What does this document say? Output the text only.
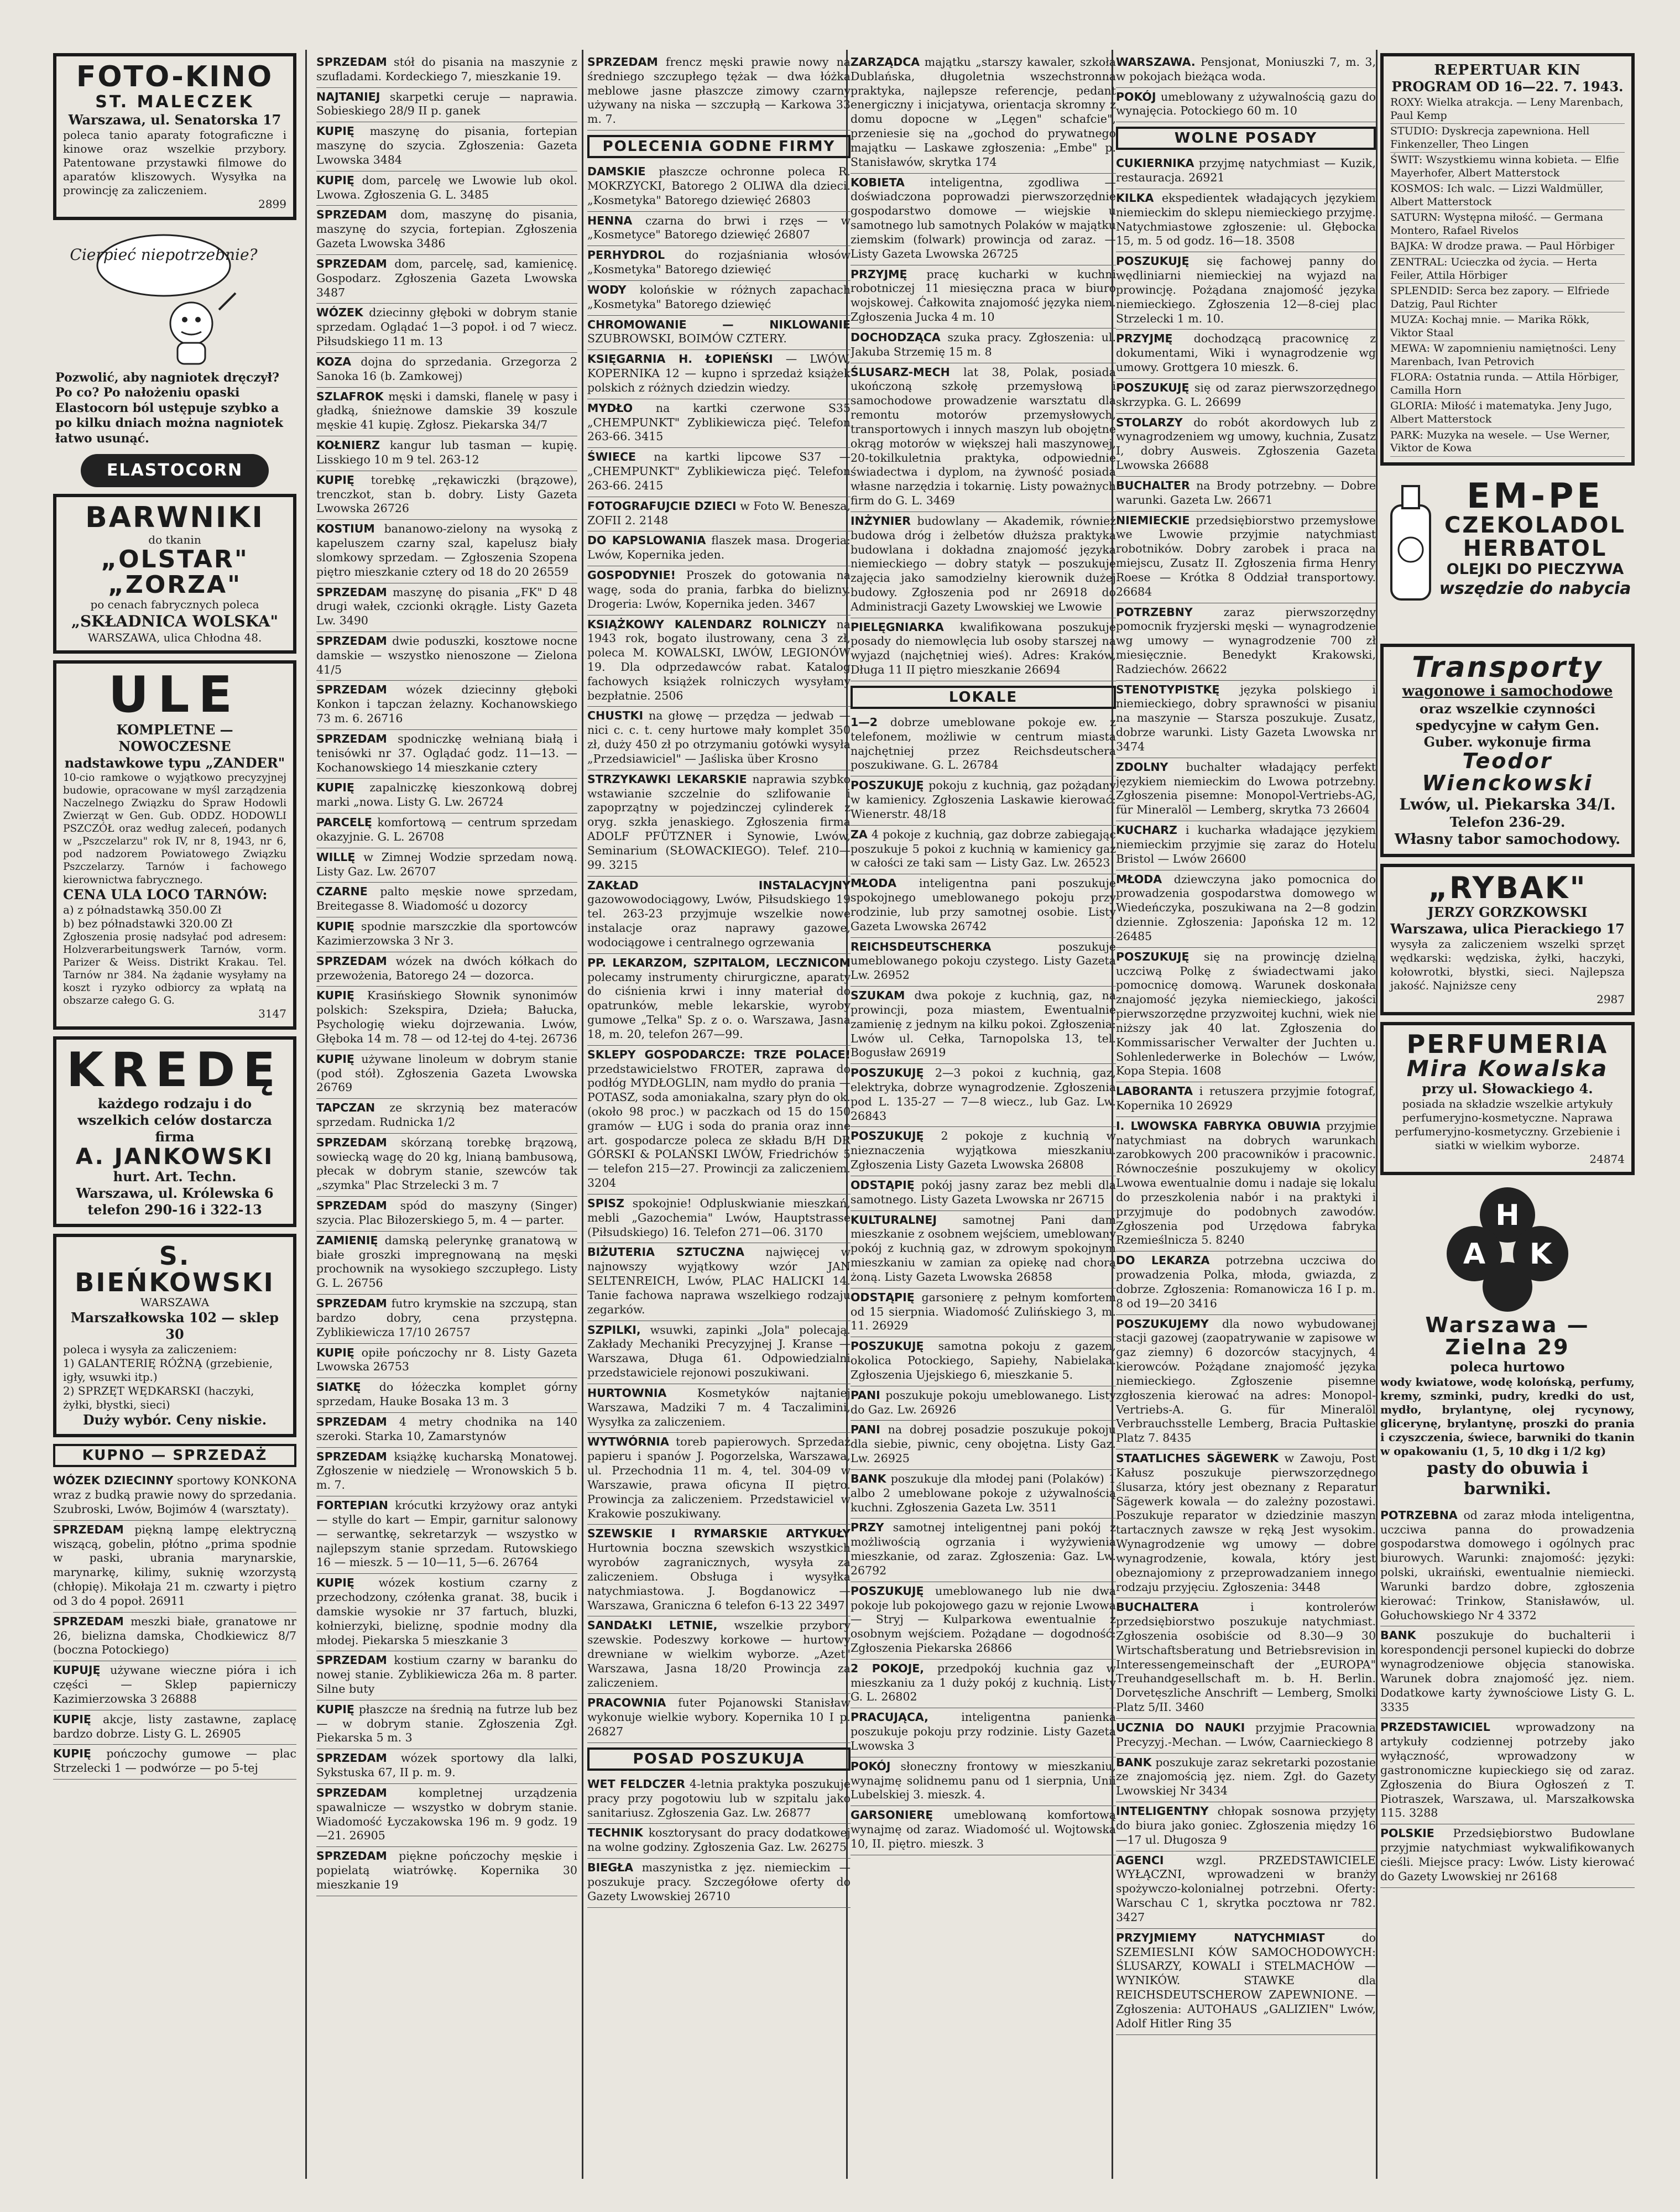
FOTO-KINO
ST. MALECZEK
Warszawa, ul. Senatorska 17
poleca tanio aparaty fotograficzne i kinowe oraz wszelkie przybory. Patentowane przystawki filmowe do aparatów kliszowych. Wysyłka na prowincję za zaliczeniem.
2899
Cierpieć niepotrzebnie?
Pozwolić, aby nagniotek dręczył? Po co? Po nałożeniu opaski Elastocorn ból ustępuje szybko a po kilku dniach można nagniotek łatwo usunąć.
ELASTOCORN
BARWNIKI
do tkanin
„OLSTAR"
„ZORZA"
po cenach fabrycznych poleca
„SKŁADNICA WOLSKA"
WARSZAWA, ulica Chłodna 48.
ULE
KOMPLETNE — NOWOCZESNE
nadstawkowe typu „ZANDER"
10-cio ramkowe o wyjątkowo precyzyjnej budowie, opracowane w myśl zarządzenia Naczelnego Związku do Spraw Hodowli Zwierząt w Gen. Gub. ODDZ. HODOWLI PSZCZÓŁ oraz według zaleceń, podanych w „Pszczelarzu" rok IV, nr 8, 1943, nr 6, pod nadzorem Powiatowego Związku Pszczelarzy. Tarnów i fachowego kierownictwa fabrycznego.
CENA ULA LOCO TARNÓW:
a) z półnadstawką 350.00 Zł
b) bez półnadstawki 320.00 Zł
Zgłoszenia prosię nadsyłać pod adresem: Holzverarbeitungswerk Tarnów, vorm. Parizer & Weiss. Distrikt Krakau. Tel. Tarnów nr 384. Na żądanie wysyłamy na koszt i ryzyko odbiorcy za wpłatą na obszarze całego G. G.
3147
KREDĘ
każdego rodzaju i do wszelkich celów dostarcza firma
A. JANKOWSKI
hurt. Art. Techn.
Warszawa, ul. Królewska 6
telefon 290-16 i 322-13
S. BIEŃKOWSKI
WARSZAWA
Marszałkowska 102 — sklep 30
poleca i wysyła za zaliczeniem:
1) GALANTERIĘ RÓŻNĄ (grzebienie, igły, wsuwki itp.)
2) SPRZĘT WĘDKARSKI (haczyki, żyłki, błystki, sieci)
Duży wybór. Ceny niskie.
KUPNO — SPRZEDAŻ
WÓZEK DZIECINNY sportowy KONKONA wraz z budką prawie nowy do sprzedania. Szubroski, Lwów, Bojimów 4 (warsztaty).
SPRZEDAM piękną lampę elektryczną wiszącą, gobelin, płótno „prima spodnie w paski, ubrania marynarskie, marynarkę, kilimy, suknię wzorzystą (chłopię). Mikołaja 21 m. czwarty i piętro od 3 do 4 popoł. 26911
SPRZEDAM meszki białe, granatowe nr 26, bielizna damska, Chodkiewicz 8/7 (boczna Potockiego)
KUPUJĘ używane wieczne pióra i ich części — Sklep papierniczy Kazimierzowska 3 26888
KUPIĘ akcje, listy zastawne, zaplacę bardzo dobrze. Listy G. L. 26905
KUPIĘ pończochy gumowe — plac Strzelecki 1 — podwórze — po 5-tej
SPRZEDAM stół do pisania na maszynie z szufladami. Kordeckiego 7, mieszkanie 19.
NAJTANIEJ skarpetki ceruje — naprawia. Sobieskiego 28/9 II p. ganek
KUPIĘ maszynę do pisania, fortepian maszynę do szycia. Zgłoszenia: Gazeta Lwowska 3484
KUPIĘ dom, parcelę we Lwowie lub okol. Lwowa. Zgłoszenia G. L. 3485
SPRZEDAM dom, maszynę do pisania, maszynę do szycia, fortepian. Zgłoszenia Gazeta Lwowska 3486
SPRZEDAM dom, parcelę, sad, kamienicę. Gospodarz. Zgłoszenia Gazeta Lwowska 3487
WÓZEK dziecinny głęboki w dobrym stanie sprzedam. Oglądać 1—3 popoł. i od 7 wiecz. Piłsudskiego 11 m. 13
KOZA dojna do sprzedania. Grzegorza 2 Sanoka 16 (b. Zamkowej)
SZLAFROK męski i damski, flanelę w pasy i gładką, śnieżnowe damskie 39 koszule męskie 41 kupię. Zgłosz. Piekarska 34/7
KOŁNIERZ kangur lub tasman — kupię. Lisskiego 10 m 9 tel. 263-12
KUPIĘ torebkę „rękawiczki (brązowe), trenczkot, stan b. dobry. Listy Gazeta Lwowska 26726
KOSTIUM bananowo-zielony na wysoką z kapeluszem czarny szal, kapelusz biały slomkowy sprzedam. — Zgłoszenia Szopena piętro mieszkanie cztery od 18 do 20 26559
SPRZEDAM maszynę do pisania „FK" D 48 drugi wałek, czcionki okrągłe. Listy Gazeta Lw. 3490
SPRZEDAM dwie poduszki, kosztowe nocne damskie — wszystko nienoszone — Zielona 41/5
SPRZEDAM wózek dziecinny głęboki Konkon i tapczan żelazny. Kochanowskiego 73 m. 6. 26716
SPRZEDAM spodniczkę wełnianą białą i tenisówki nr 37. Oglądać godz. 11—13. — Kochanowskiego 14 mieszkanie cztery
KUPIĘ zapalniczkę kieszonkową dobrej marki „nowa. Listy G. Lw. 26724
PARCELĘ komfortową — centrum sprzedam okazyjnie. G. L. 26708
WILLĘ w Zimnej Wodzie sprzedam nową. Listy Gaz. Lw. 26707
CZARNE palto męskie nowe sprzedam, Breitegasse 8. Wiadomość u dozorcy
KUPIĘ spodnie marszczkie dla sportowców Kazimierzowska 3 Nr 3.
SPRZEDAM wózek na dwóch kółkach do przewożenia, Batorego 24 — dozorca.
KUPIĘ Krasińskiego Słownik synonimów polskich: Szekspira, Dzieła; Bałucka, Psychologię wieku dojrzewania. Lwów, Głęboka 14 m. 78 — od 12-tej do 4-tej. 26736
KUPIĘ używane linoleum w dobrym stanie (pod stół). Zgłoszenia Gazeta Lwowska 26769
TAPCZAN ze skrzynią bez materaców sprzedam. Rudnicka 1/2
SPRZEDAM skórzaną torebkę brązową, sowiecką wagę do 20 kg, lnianą bambusową, płecak w dobrym stanie, szewców tak „szymka" Plac Strzelecki 3 m. 7
SPRZEDAM spód do maszyny (Singer) szycia. Plac Biłozerskiego 5, m. 4 — parter.
ZAMIENIĘ damską pelerynkę granatową w białe groszki impregnowaną na męski prochownik na wysokiego szczupłego. Listy G. L. 26756
SPRZEDAM futro krymskie na szczupą, stan bardzo dobry, cena przystępna. Zyblikiewicza 17/10 26757
KUPIĘ opiłe pończochy nr 8. Listy Gazeta Lwowska 26753
SIATKĘ do łóżeczka komplet górny sprzedam, Hauke Bosaka 13 m. 3
SPRZEDAM 4 metry chodnika na 140 szeroki. Starka 10, Zamarstynów
SPRZEDAM książkę kucharską Monatowej. Zgłoszenie w niedzielę — Wronowskich 5 b. m. 7.
FORTEPIAN krócutki krzyżowy oraz antyki — stylle do kart — Empir, garnitur salonowy — serwantkę, sekretarzyk — wszystko w najlepszym stanie sprzedam. Rutowskiego 16 — mieszk. 5 — 10—11, 5—6. 26764
KUPIĘ wózek kostium czarny z przechodzony, czółenka granat. 38, bucik i damskie wysokie nr 37 fartuch, bluzki, kołnierzyki, bieliznę, spodnie modny dla młodej. Piekarska 5 mieszkanie 3
SPRZEDAM kostium czarny w baranku do nowej stanie. Zyblikiewicza 26a m. 8 parter. Silne buty
KUPIĘ płaszcze na średnią na futrze lub bez — w dobrym stanie. Zgłoszenia Zgł. Piekarska 5 m. 3
SPRZEDAM wózek sportowy dla lalki, Sykstuska 67, II p. m. 9.
SPRZEDAM kompletnej urządzenia spawalnicze — wszystko w dobrym stanie. Wiadomość Łyczakowska 196 m. 9 godz. 19—21. 26905
SPRZEDAM piękne pończochy męskie i popielatą wiatrówkę. Kopernika 30 mieszkanie 19
SPRZEDAM frencz męski prawie nowy na średniego szczupłego tężak — dwa łóżka meblowe jasne płaszcze zimowy czarny używany na niska — szczupłą — Karkowa 33 m. 7.
POLECENIA GODNE FIRMY
DAMSKIE płaszcze ochronne poleca R. MOKRZYCKI, Batorego 2 OLIWA dla dzieci. „Kosmetyka" Batorego dziewięć 26803
HENNA czarna do brwi i rzęs — w „Kosmetyce" Batorego dziewięć 26807
PERHYDROL do rozjaśniania włosów „Kosmetyka" Batorego dziewięć
WODY kolońskie w różnych zapachach „Kosmetyka" Batorego dziewięć
CHROMOWANIE — NIKLOWANIE SZUBROWSKI, BOIMÓW CZTERY.
KSIĘGARNIA H. ŁOPIEŃSKI — LWÓW, KOPERNIKA 12 — kupno i sprzedaż książek polskich z różnych dziedzin wiedzy.
MYDŁO na kartki czerwone S35 „CHEMPUNKT" Zyblikiewicza pięć. Telefon 263-66. 3415
ŚWIECE na kartki lipcowe S37 — „CHEMPUNKT" Zyblikiewicza pięć. Telefon 263-66. 2415
FOTOGRAFUJCIE DZIECI w Foto W. Benesza, ZOFII 2. 2148
DO KAPSLOWANIA flaszek masa. Drogeria: Lwów, Kopernika jeden.
GOSPODYNIE! Proszek do gotowania na wagę, soda do prania, farbka do bielizny. Drogeria: Lwów, Kopernika jeden. 3467
KSIĄŻKOWY KALENDARZ ROLNICZY na 1943 rok, bogato ilustrowany, cena 3 zł, poleca M. KOWALSKI, LWÓW, LEGIONÓW 19. Dla odprzedawców rabat. Katalog fachowych książek rolniczych wysyłamy bezpłatnie. 2506
CHUSTKI na głowę — przędza — jedwab — nici c. c. t. ceny hurtowe mały komplet 350 zł, duży 450 zł po otrzymaniu gotówki wysyła „Przedsiawiciel" — Jaśliska über Krosno
STRZYKAWKI LEKARSKIE naprawia szybko wstawianie szczelnie do szlifowanie i zapoprzątny w pojedzinczej cylinderek z oryg. szkła jenaskiego. Zgłoszenia firma ADOLF PFÜTZNER i Synowie, Lwów, Seminarium (SŁOWACKIEGO). Telef. 210—99. 3215
ZAKŁAD INSTALACYJNY gazowowodociągowy, Lwów, Piłsudskiego 19 tel. 263-23 przyjmuje wszelkie nowe instalacje oraz naprawy gazowe, wodociągowe i centralnego ogrzewania
PP. LEKARZOM, SZPITALOM, LECZNICOM polecamy instrumenty chirurgiczne, aparaty do ciśnienia krwi i inny materiał do opatrunków, meble lekarskie, wyroby gumowe „Telka" Sp. z o. o. Warszawa, Jasna 18, m. 20, telefon 267—99.
SKLEPY GOSPODARCZE: TRZE POLACE! przedstawicielstwo FROTER, zaprawa do podłóg MYDŁOGLIN, nam mydło do prania — POTASZ, soda amoniakalna, szary płyn do ok. (około 98 proc.) w paczkach od 15 do 150 gramów — ŁUG i soda do prania oraz inne art. gospodarcze poleca ze składu B/H DR GÓRSKI & POLAŃSKI LWÓW, Friedrichów 5 — telefon 215—27. Prowincji za zaliczeniem. 3204
SPISZ spokojnie! Odpluskwianie mieszkań, mebli „Gazochemia" Lwów, Hauptstrasse (Piłsudskiego) 16. Telefon 271—06. 3170
BIŻUTERIA SZTUCZNA najwięcej w najnowszy wyjątkowy wzór JAN SELTENREICH, Lwów, PLAC HALICKI 14. Tanie fachowa naprawa wszelkiego rodzaju zegarków.
SZPILKI, wsuwki, zapinki „Jola" polecają. Zakłady Mechaniki Precyzyjnej J. Kranse — Warszawa, Długa 61. Odpowiedzialni przedstawiciele rejonowi poszukiwani.
HURTOWNIA Kosmetyków najtaniej Warszawa, Madziki 7 m. 4 Taczalimini, Wysyłka za zaliczeniem.
WYTWÓRNIA toreb papierowych. Sprzedaż papieru i spanów J. Pogorzelska, Warszawa, ul. Przechodnia 11 m. 4, tel. 304-09 w Warszawie, prawa oficyna II piętro. Prowincja za zaliczeniem. Przedstawiciel w Krakowie poszukiwany.
SZEWSKIE I RYMARSKIE ARTYKUŁY Hurtownia boczna szewskich wszystkich wyrobów zagranicznych, wysyła za zaliczeniem. Obsługa i wysyłka natychmiastowa. J. Bogdanowicz — Warszawa, Graniczna 6 telefon 6-13 22 3497
SANDAŁKI LETNIE, wszelkie przybory szewskie. Podeszwy korkowe — hurtowy drewniane w wielkim wyborze. „Azet" Warszawa, Jasna 18/20 Prowincja za zaliczeniem.
PRACOWNIA futer Pojanowski Stanisław wykonuje wielkie wybory. Kopernika 10 I p. 26827
POSAD POSZUKUJA
WET FELDCZER 4-letnia praktyka poszukuje pracy przy pogotowiu lub w szpitalu jako sanitariusz. Zgłoszenia Gaz. Lw. 26877
TECHNIK kosztorysant do pracy dodatkowej na wolne godziny. Zgłoszenia Gaz. Lw. 26275
BIEGŁA maszynistka z jęz. niemieckim — poszukuje pracy. Szczegółowe oferty do Gazety Lwowskiej 26710
ZARZĄDCA majątku „starszy kawaler, szkoła Dublańska, długoletnia wszechstronna praktyka, najlepsze referencje, pedant energiczny i inicjatywa, orientacja skromny z domu dopocne w „Lęgen" schafcie", przeniesie się na „gochod do prywatnego majątku — Laskawe zgłoszenia: „Embe" p. Stanisławów, skrytka 174
KOBIETA inteligentna, zgodliwa — doświadczona poprowadzi pierwszorzędnie gospodarstwo domowe — wiejskie u samotnego lub samotnych Polaków w majątku ziemskim (folwark) prowincja od zaraz. — Listy Gazeta Lwowska 26725
PRZYJMĘ pracę kucharki w kuchni robotniczej 11 miesięczna praca w biuro wojskowej. Ćałkowita znajomość języka niem. Zgłoszenia Jucka 4 m. 10
DOCHODZĄCA szuka pracy. Zgłoszenia: ul. Jakuba Strzemię 15 m. 8
ŚLUSARZ-MECH lat 38, Polak, posiada ukończoną szkołę przemysłową i samochodowe prowadzenie warsztatu dla remontu motorów przemysłowych, transportowych i innych maszyn lub obojętne okrąg motorów w większej hali maszynowej, 20-tokilkuletnia praktyka, odpowiednie świadectwa i dyplom, na żywność posiada własne narzędzia i tokarnię. Listy poważnych firm do G. L. 3469
INŻYNIER budowlany — Akademik, również budowa dróg i żelbetów dłuższa praktyka budowlana i dokładna znajomość języka niemieckiego — dobry statyk — poszukuje zajęcia jako samodzielny kierownik dużej budowy. Zgłoszenia pod nr 26918 do Administracji Gazety Lwowskiej we Lwowie
PIELĘGNIARKA kwalifikowana poszukuje posady do niemowlęcia lub osoby starszej na wyjazd (najchętniej wieś). Adres: Kraków, Długa 11 II piętro mieszkanie 26694
LOKALE
1—2 dobrze umeblowane pokoje ew. z telefonem, możliwie w centrum miasta najchętniej przez Reichsdeutschera poszukiwane. G. L. 26784
POSZUKUJĘ pokoju z kuchnią, gaz pożądany w kamienicy. Zgłoszenia Laskawie kierować: Wienerstr. 48/18
ZA 4 pokoje z kuchnią, gaz dobrze zabiegając poszukuje 5 pokoi z kuchnią w kamienicy gaz w całości ze taki sam — Listy Gaz. Lw. 26523
MŁODA inteligentna pani poszukuje spokojnego umeblowanego pokoju przy rodzinie, lub przy samotnej osobie. Listy Gazeta Lwowska 26742
REICHSDEUTSCHERKA poszukuje umeblowanego pokoju czystego. Listy Gazeta Lw. 26952
SZUKAM dwa pokoje z kuchnią, gaz, na prowincji, poza miastem, Ewentualnie zamienię z jednym na kilku pokoi. Zgłoszenia: Lwów ul. Cełka, Tarnopolska 13, tel. Bogusław 26919
POSZUKUJĘ 2—3 pokoi z kuchnią, gaz, elektryka, dobrze wynagrodzenie. Zgłoszenia pod L. 135-27 — 7—8 wiecz., lub Gaz. Lw. 26843
POSZUKUJĘ 2 pokoje z kuchnią w nieznaczenia wyjątkowa mieszkaniu. Zgłoszenia Listy Gazeta Lwowska 26808
ODSTĄPIĘ pokój jasny zaraz bez mebli dla samotnego. Listy Gazeta Lwowska nr 26715
KULTURALNEJ samotnej Pani dam mieszkanie z osobnem wejściem, umeblowany pokój z kuchnią gaz, w zdrowym spokojnym mieszkaniu w zamian za opiekę nad chorą żoną. Listy Gazeta Lwowska 26858
ODSTĄPIĘ garsonierę z pełnym komfortem od 15 sierpnia. Wiadomość Zulińskiego 3, m. 11. 26929
POSZUKUJĘ samotna pokoju z gazem, okolica Potockiego, Sapiehy, Nabielaka. Zgłoszenia Ujejskiego 6, mieszkanie 5.
PANI poszukuje pokoju umeblowanego. Listy do Gaz. Lw. 26926
PANI na dobrej posadzie poszukuje pokoju dla siebie, piwnic, ceny obojętna. Listy Gaz. Lw. 26925
BANK poszukuje dla młodej pani (Polaków) 1 albo 2 umeblowane pokoje z używalnością kuchni. Zgłoszenia Gazeta Lw. 3511
PRZY samotnej inteligentnej pani pokój z możliwością ogrzania i wyżywienia mieszkanie, od zaraz. Zgłoszenia: Gaz. Lw. 26792
POSZUKUJĘ umeblowanego lub nie dwa pokoje lub pokojowego gazu w rejonie Lwowa — Stryj — Kulparkowa ewentualnie z osobnym wejściem. Pożądane — dogodność: Zgłoszenia Piekarska 26866
2 POKOJE, przedpokój kuchnia gaz w mieszkaniu za 1 duży pokój z kuchnią. Listy G. L. 26802
PRACUJĄCA, inteligentna panienka poszukuje pokoju przy rodzinie. Listy Gazeta Lwowska 3
POKÓJ słoneczny frontowy w mieszkaniu, wynajmę solidnemu panu od 1 sierpnia, Unii Lubelskiej 3. mieszk. 4.
GARSONIERĘ umeblowaną komfortową wynajmę od zaraz. Wiadomość ul. Wojtowska 10, II. piętro. mieszk. 3
WARSZAWA. Pensjonat, Moniuszki 7, m. 3, w pokojach bieżąca woda.
POKÓJ umeblowany z używalnością gazu do wynajęcia. Potockiego 60 m. 10
WOLNE POSADY
CUKIERNIKA przyjmę natychmiast — Kuzik, restauracja. 26921
KILKA ekspedientek władających językiem niemieckim do sklepu niemieckiego przyjmę. Natychmiastowe zgłoszenie: ul. Głębocka 15, m. 5 od godz. 16—18. 3508
POSZUKUJĘ się fachowej panny do wędliniarni niemieckiej na wyjazd na prowincję. Pożądana znajomość języka niemieckiego. Zgłoszenia 12—8-ciej plac Strzelecki 1 m. 10.
PRZYJMĘ dochodzącą pracownicę z dokumentami, Wiki i wynagrodzenie wg umowy. Grottgera 10 mieszk. 6.
POSZUKUJĘ się od zaraz pierwszorzędnego skrzypka. G. L. 26699
STOLARZY do robót akordowych lub z wynagrodzeniem wg umowy, kuchnia, Zusatz I, dobry Ausweis. Zgłoszenia Gazeta Lwowska 26688
BUCHALTER na Brody potrzebny. — Dobre warunki. Gazeta Lw. 26671
NIEMIECKIE przedsiębiorstwo przemysłowe we Lwowie przyjmie natychmiast robotników. Dobry zarobek i praca na miejscu, Zusatz II. Zgłoszenia firma Henry Roese — Krótka 8 Oddział transportowy. 26684
POTRZEBNY zaraz pierwszorzędny pomocnik fryzjerski męski — wynagrodzenie wg umowy — wynagrodzenie 700 zł miesięcznie. Benedykt Krakowski, Radziechów. 26622
STENOTYPISTKĘ języka polskiego i niemieckiego, dobry sprawności w pisaniu na maszynie — Starsza poszukuje. Zusatz, dobrze warunki. Listy Gazeta Lwowska nr 3474
ZDOLNY buchalter władający perfekt językiem niemieckim do Lwowa potrzebny. Zgłoszenia pisemne: Monopol-Vertriebs-AG, für Mineralöl — Lemberg, skrytka 73 26604
KUCHARZ i kucharka władające językiem niemieckim przyjmie się zaraz do Hotelu Bristol — Lwów 26600
MŁODA dziewczyna jako pomocnica do prowadzenia gospodarstwa domowego w Wiedeńczyka, poszukiwana na 2—8 godzin dziennie. Zgłoszenia: Japońska 12 m. 12 26485
POSZUKUJĘ się na prowincję dzielną uczciwą Polkę z świadectwami jako pomocnicę domową. Warunek doskonała znajomość języka niemieckiego, jakości pierwszorzędne przyzwoitej kuchni, wiek nie niższy jak 40 lat. Zgłoszenia do Kommissarischer Verwalter der Juchten u. Sohlenlederwerke in Bolechów — Lwów, Kopa Stepia. 1608
LABORANTA i retuszera przyjmie fotograf, Kopernika 10 26929
I. LWOWSKA FABRYKA OBUWIA przyjmie natychmiast na dobrych warunkach zarobkowych 200 pracowników i pracownic. Równocześnie poszukujemy w okolicy Lwowa ewentualnie domu i nadaje się lokalu do przeszkolenia nabór i na praktyki i przyjmuje do podobnych zawodów. Zgłoszenia pod Urzędowa fabryka Rzemieślnicza 5. 8240
DO LEKARZA potrzebna uczciwa do prowadzenia Polka, młoda, gwiazda, z dobrze. Zgłoszenia: Romanowicza 16 I p. m. 8 od 19—20 3416
POSZUKUJEMY dla nowo wybudowanej stacji gazowej (zaopatrywanie w zapisowe w gaz ziemny) 6 dozorców stacyjnych, 4 kierowców. Pożądane znajomość języka niemieckiego. Zgłoszenie pisemne zgłoszenia kierować na adres: Monopol-Vertriebs-A. G. für Mineralöl Verbrauchsstelle Lemberg, Bracia Pułtaskie Platz 7. 8435
STAATLICHES SÄGEWERK w Zawoju, Post Kałusz poszukuje pierwszorzędnego ślusarza, który jest obeznany z Reparatur Sägewerk kowala — do zależny pozostawi. Poszukuje reparator w dziedzinie maszyn tartacznych zawsze w ręką Jest wysokim. Wynagrodzenie wg umowy — dobre wynagrodzenie, kowala, który jest obeznajomiony z przeprowadzaniem innego rodzaju przyjęciu. Zgłoszenia: 3448
BUCHALTERA i kontrolerów przedsiębiorstwo poszukuje natychmiast. Zgłoszenia osobiście od 8.30—9 30 Wirtschaftsberatung und Betriebsrevision in Interessengemeinschaft der „EUROPA" Treuhandgesellschaft m. b. H. Berlin. Dorvetęszliche Anschrift — Lemberg, Smolki Platz 5/II. 3460
UCZNIA DO NAUKI przyjmie Pracownia Precyzyj.-Mechan. — Lwów, Caarnieckiego 8
BANK poszukuje zaraz sekretarki pozostanie ze znajomością jęz. niem. Zgł. do Gazety Lwowskiej Nr 3434
INTELIGENTNY chłopak sosnowa przyjęty do biura jako goniec. Zgłoszenia między 16—17 ul. Długosza 9
AGENCI wzgl. PRZEDSTAWICIELE WYŁĄCZNI, wprowadzeni w branży spożywczo-kolonialnej potrzebni. Oferty: Warschau C 1, skrytka pocztowa nr 782. 3427
PRZYJMIEMY NATYCHMIAST do SZEMIESLNI KÓW SAMOCHODOWYCH: ŚLUSARZY, KOWALI i STELMACHÓW — WYNIKÓW. STAWKE dla REICHSDEUTSCHEROW ZAPEWNIONE. — Zgłoszenia: AUTOHAUS „GALIZIEN" Lwów, Adolf Hitler Ring 35
REPERTUAR KIN
PROGRAM OD 16—22. 7. 1943.
ROXY: Wielka atrakcja. — Leny Marenbach, Paul Kemp
STUDIO: Dyskrecja zapewniona. Hell Finkenzeller, Theo Lingen
ŚWIT: Wszystkiemu winna kobieta. — Elfie Mayerhofer, Albert Matterstock
KOSMOS: Ich walc. — Lizzi Waldmüller, Albert Matterstock
SATURN: Występna miłość. — Germana Montero, Rafael Rivelos
BAJKA: W drodze prawa. — Paul Hörbiger
ZENTRAL: Ucieczka od życia. — Herta Feiler, Attila Hörbiger
SPLENDID: Serca bez zapory. — Elfriede Datzig, Paul Richter
MUZA: Kochaj mnie. — Marika Rökk, Viktor Staal
MEWA: W zapomnieniu namiętności. Leny Marenbach, Ivan Petrovich
FLORA: Ostatnia runda. — Attila Hörbiger, Camilla Horn
GLORIA: Miłość i matematyka. Jeny Jugo, Albert Matterstock
PARK: Muzyka na wesele. — Use Werner, Viktor de Kowa
EM-PE
CZEKOLADOL
HERBATOL
OLEJKI DO PIECZYWA
wszędzie do nabycia
Transporty
wagonowe i samochodowe
oraz wszelkie czynności spedycyjne w całym Gen. Guber. wykonuje firma
Teodor Wienckowski
Lwów, ul. Piekarska 34/I.
Telefon 236-29.
Własny tabor samochodowy.
„RYBAK"
JERZY GORZKOWSKI
Warszawa, ulica Pierackiego 17
wysyła za zaliczeniem wszelki sprzęt wędkarski: wędziska, żyłki, haczyki, kołowrotki, błystki, sieci. Najlepsza jakość. Najniższe ceny
2987
PERFUMERIA
Mira Kowalska
przy ul. Słowackiego 4.
posiada na składzie wszelkie artykuły perfumeryjno-kosmetyczne. Naprawa perfumeryjno-kosmetyczny. Grzebienie i siatki w wielkim wyborze.
24874
H
A K
Warszawa — Zielna 29
poleca hurtowo
wody kwiatowe, wodę kolońską, perfumy, kremy, szminki, pudry, kredki do ust, mydło, brylantynę, olej rycynowy, glicerynę, brylantynę, proszki do prania i czyszczenia, świece, barwniki do tkanin w opakowaniu (1, 5, 10 dkg i 1/2 kg)
pasty do obuwia i barwniki.
POTRZEBNA od zaraz młoda inteligentna, uczciwa panna do prowadzenia gospodarstwa domowego i ogólnych prac biurowych. Warunki: znajomość: języki: polski, ukraiński, ewentualnie niemiecki. Warunki bardzo dobre, zgłoszenia kierować: Trinkow, Stanisławów, ul. Gołuchowskiego Nr 4 3372
BANK poszukuje do buchalterii i korespondencji personel kupiecki do dobrze wynagrodzeniowe objęcia stanowiska. Warunek dobra znajomość jęz. niem. Dodatkowe karty żywnościowe Listy G. L. 3335
PRZEDSTAWICIEL wprowadzony na artykuły codziennej potrzeby jako wyłączność, wprowadzony w gastronomiczne kupieckiego się od zaraz. Zgłoszenia do Biura Ogłoszeń z T. Piotraszek, Warszawa, ul. Marszałkowska 115. 3288
POLSKIE Przedsiębiorstwo Budowlane przyjmie natychmiast wykwalifikowanych cieśli. Miejsce pracy: Lwów. Listy kierować do Gazety Lwowskiej nr 26168
